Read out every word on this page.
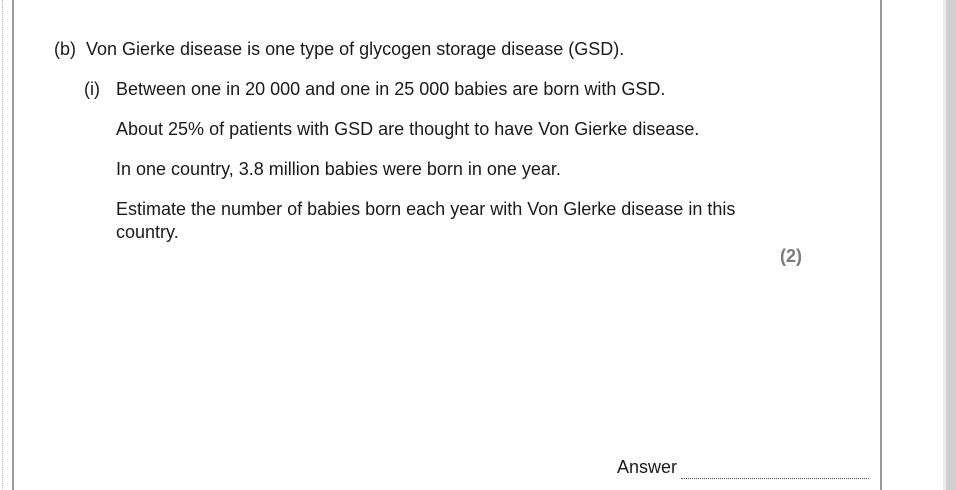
(b) Von Gierke disease is one type of glycogen storage disease (GSD).
(i) Between one in 20 000 and one in 25 000 babies are born with GSD.
About 25% of patients with GSD are thought to have Von Gierke disease.
In one country, 3.8 million babies were born in one year.
Estimate the number of babies born each year with Von Glerke disease in this country.
(2)
Answer
